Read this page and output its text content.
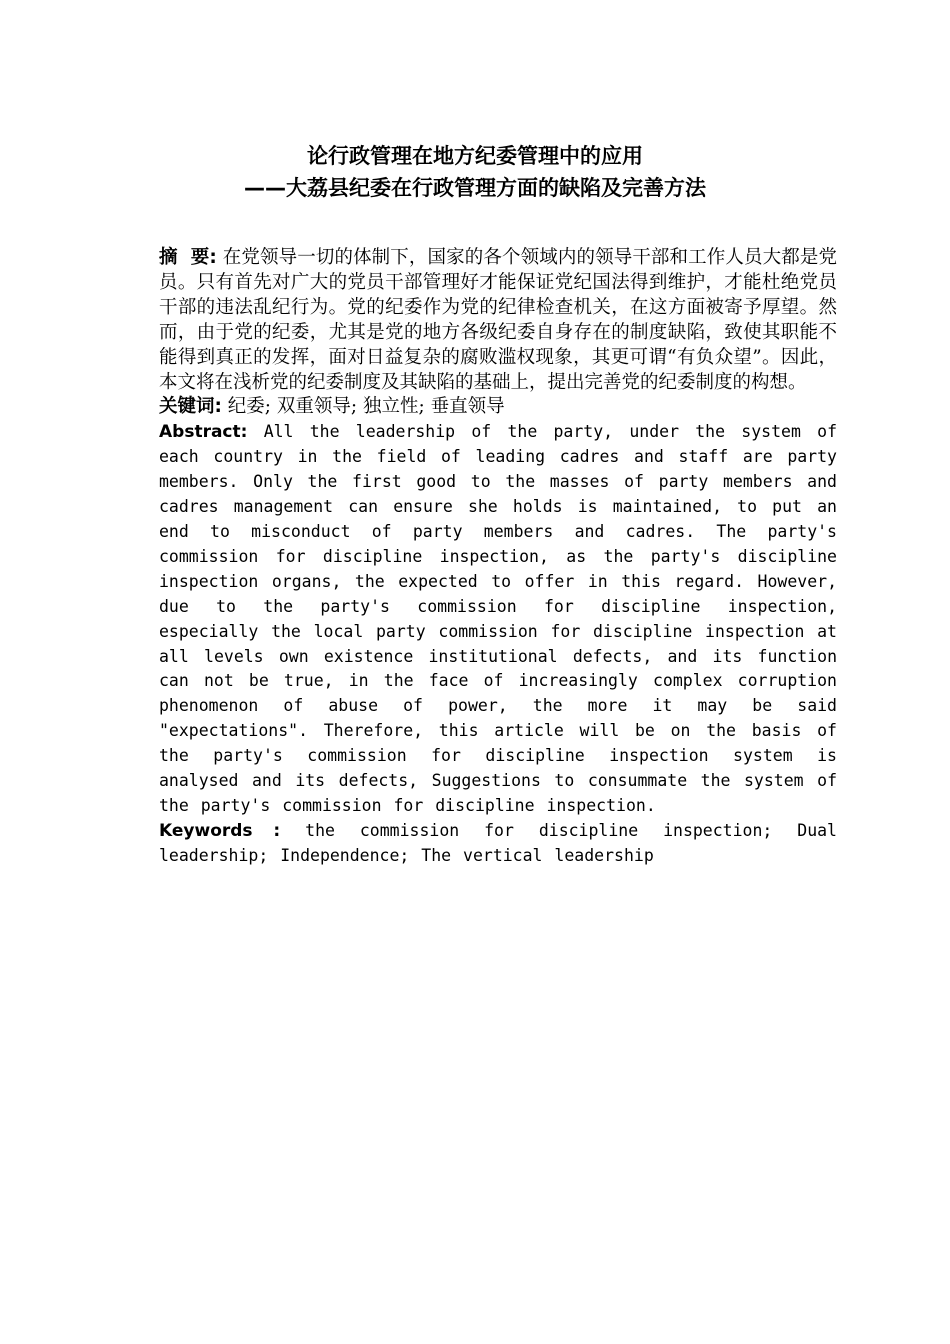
论行政管理在地方纪委管理中的应用
——大荔县纪委在行政管理方面的缺陷及完善方法

摘  要: 在党领导一切的体制下，国家的各个领域内的领导干部和工作人员大都是党员。只有首先对广大的党员干部管理好才能保证党纪国法得到维护，才能杜绝党员干部的违法乱纪行为。党的纪委作为党的纪律检查机关，在这方面被寄予厚望。然而，由于党的纪委，尤其是党的地方各级纪委自身存在的制度缺陷，致使其职能不能得到真正的发挥，面对日益复杂的腐败滥权现象，其更可谓“有负众望”。因此，本文将在浅析党的纪委制度及其缺陷的基础上，提出完善党的纪委制度的构想。

关键词: 纪委; 双重领导; 独立性; 垂直领导

Abstract: All the leadership of the party, under the system of each country in the field of leading cadres and staff are party members. Only the first good to the masses of party members and cadres management can ensure she holds is maintained, to put an end to misconduct of party members and cadres. The party's commission for discipline inspection, as the party's discipline inspection organs, the expected to offer in this regard. However, due to the party's commission for discipline inspection, especially the local party commission for discipline inspection at all levels own existence institutional defects, and its function can not be true, in the face of increasingly complex corruption phenomenon of abuse of power, the more it may be said "expectations". Therefore, this article will be on the basis of the party's commission for discipline inspection system is analysed and its defects, Suggestions to consummate the system of the party's commission for discipline inspection.

Keywords : the commission for discipline inspection; Dual leadership; Independence; The vertical leadership
